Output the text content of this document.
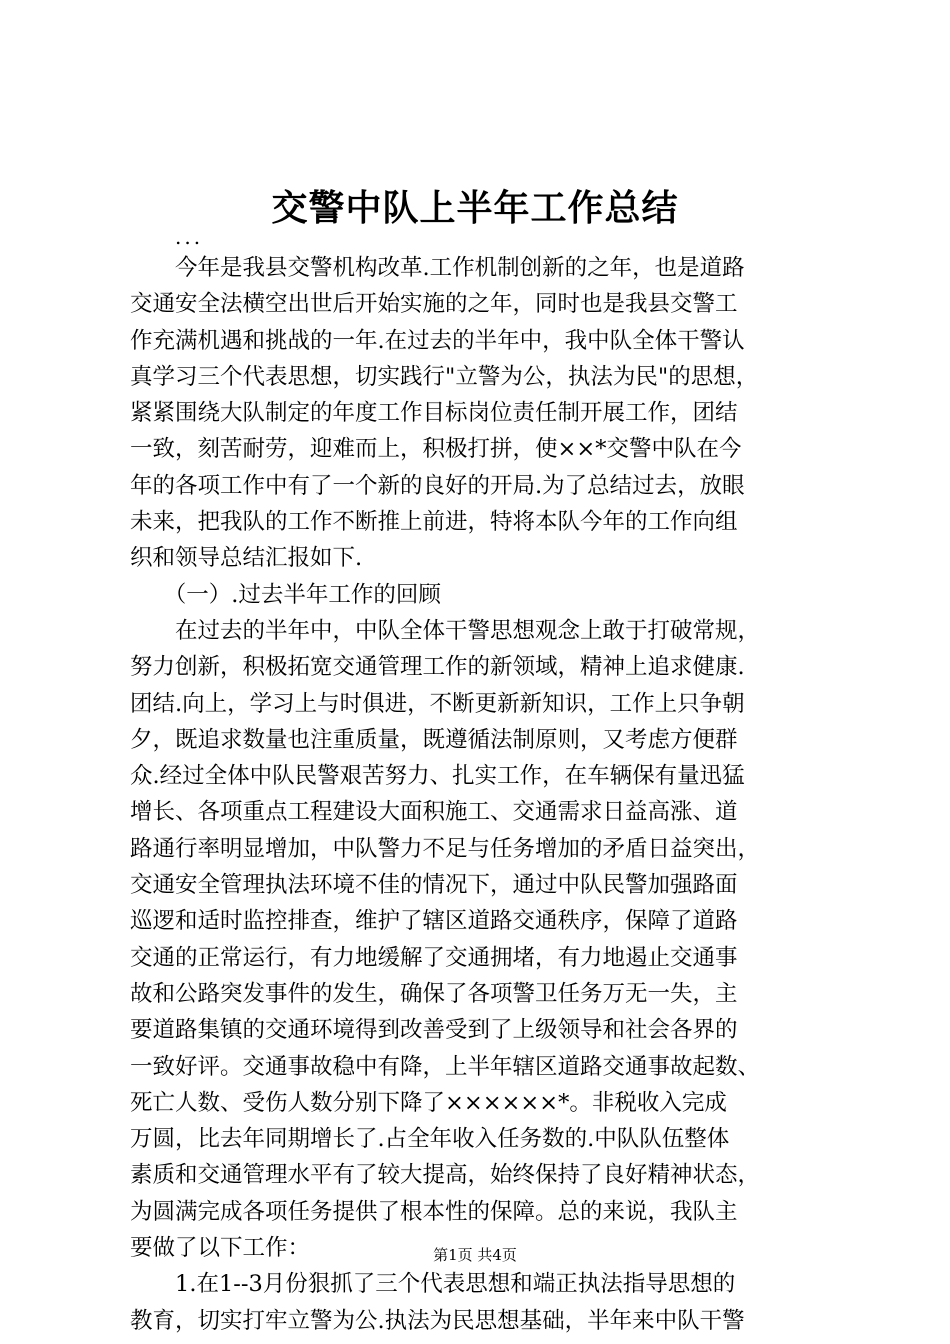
交警中队上半年工作总结
...
　　今年是我县交警机构改革.工作机制创新的之年，也是道路
交通安全法横空出世后开始实施的之年，同时也是我县交警工
作充满机遇和挑战的一年.在过去的半年中，我中队全体干警认
真学习三个代表思想，切实践行"立警为公，执法为民"的思想，
紧紧围绕大队制定的年度工作目标岗位责任制开展工作，团结
一致，刻苦耐劳，迎难而上，积极打拼，使××*交警中队在今
年的各项工作中有了一个新的良好的开局.为了总结过去，放眼
未来，把我队的工作不断推上前进，特将本队今年的工作向组
织和领导总结汇报如下.
　　（一）.过去半年工作的回顾
　　在过去的半年中，中队全体干警思想观念上敢于打破常规，
努力创新，积极拓宽交通管理工作的新领域，精神上追求健康.
团结.向上，学习上与时俱进，不断更新新知识，工作上只争朝
夕，既追求数量也注重质量，既遵循法制原则，又考虑方便群
众.经过全体中队民警艰苦努力、扎实工作，在车辆保有量迅猛
增长、各项重点工程建设大面积施工、交通需求日益高涨、道
路通行率明显增加，中队警力不足与任务增加的矛盾日益突出，
交通安全管理执法环境不佳的情况下，通过中队民警加强路面
巡逻和适时监控排查，维护了辖区道路交通秩序，保障了道路
交通的正常运行，有力地缓解了交通拥堵，有力地遏止交通事
故和公路突发事件的发生，确保了各项警卫任务万无一失，主
要道路集镇的交通环境得到改善受到了上级领导和社会各界的
一致好评。交通事故稳中有降，上半年辖区道路交通事故起数、
死亡人数、受伤人数分别下降了××××××*。非税收入完成
万圆，比去年同期增长了.占全年收入任务数的.中队队伍整体
素质和交通管理水平有了较大提高，始终保持了良好精神状态，
为圆满完成各项任务提供了根本性的保障。总的来说，我队主
要做了以下工作：
　　1.在1--3月份狠抓了三个代表思想和端正执法指导思想的
教育，切实打牢立警为公.执法为民思想基础，半年来中队干警
第1页 共4页
